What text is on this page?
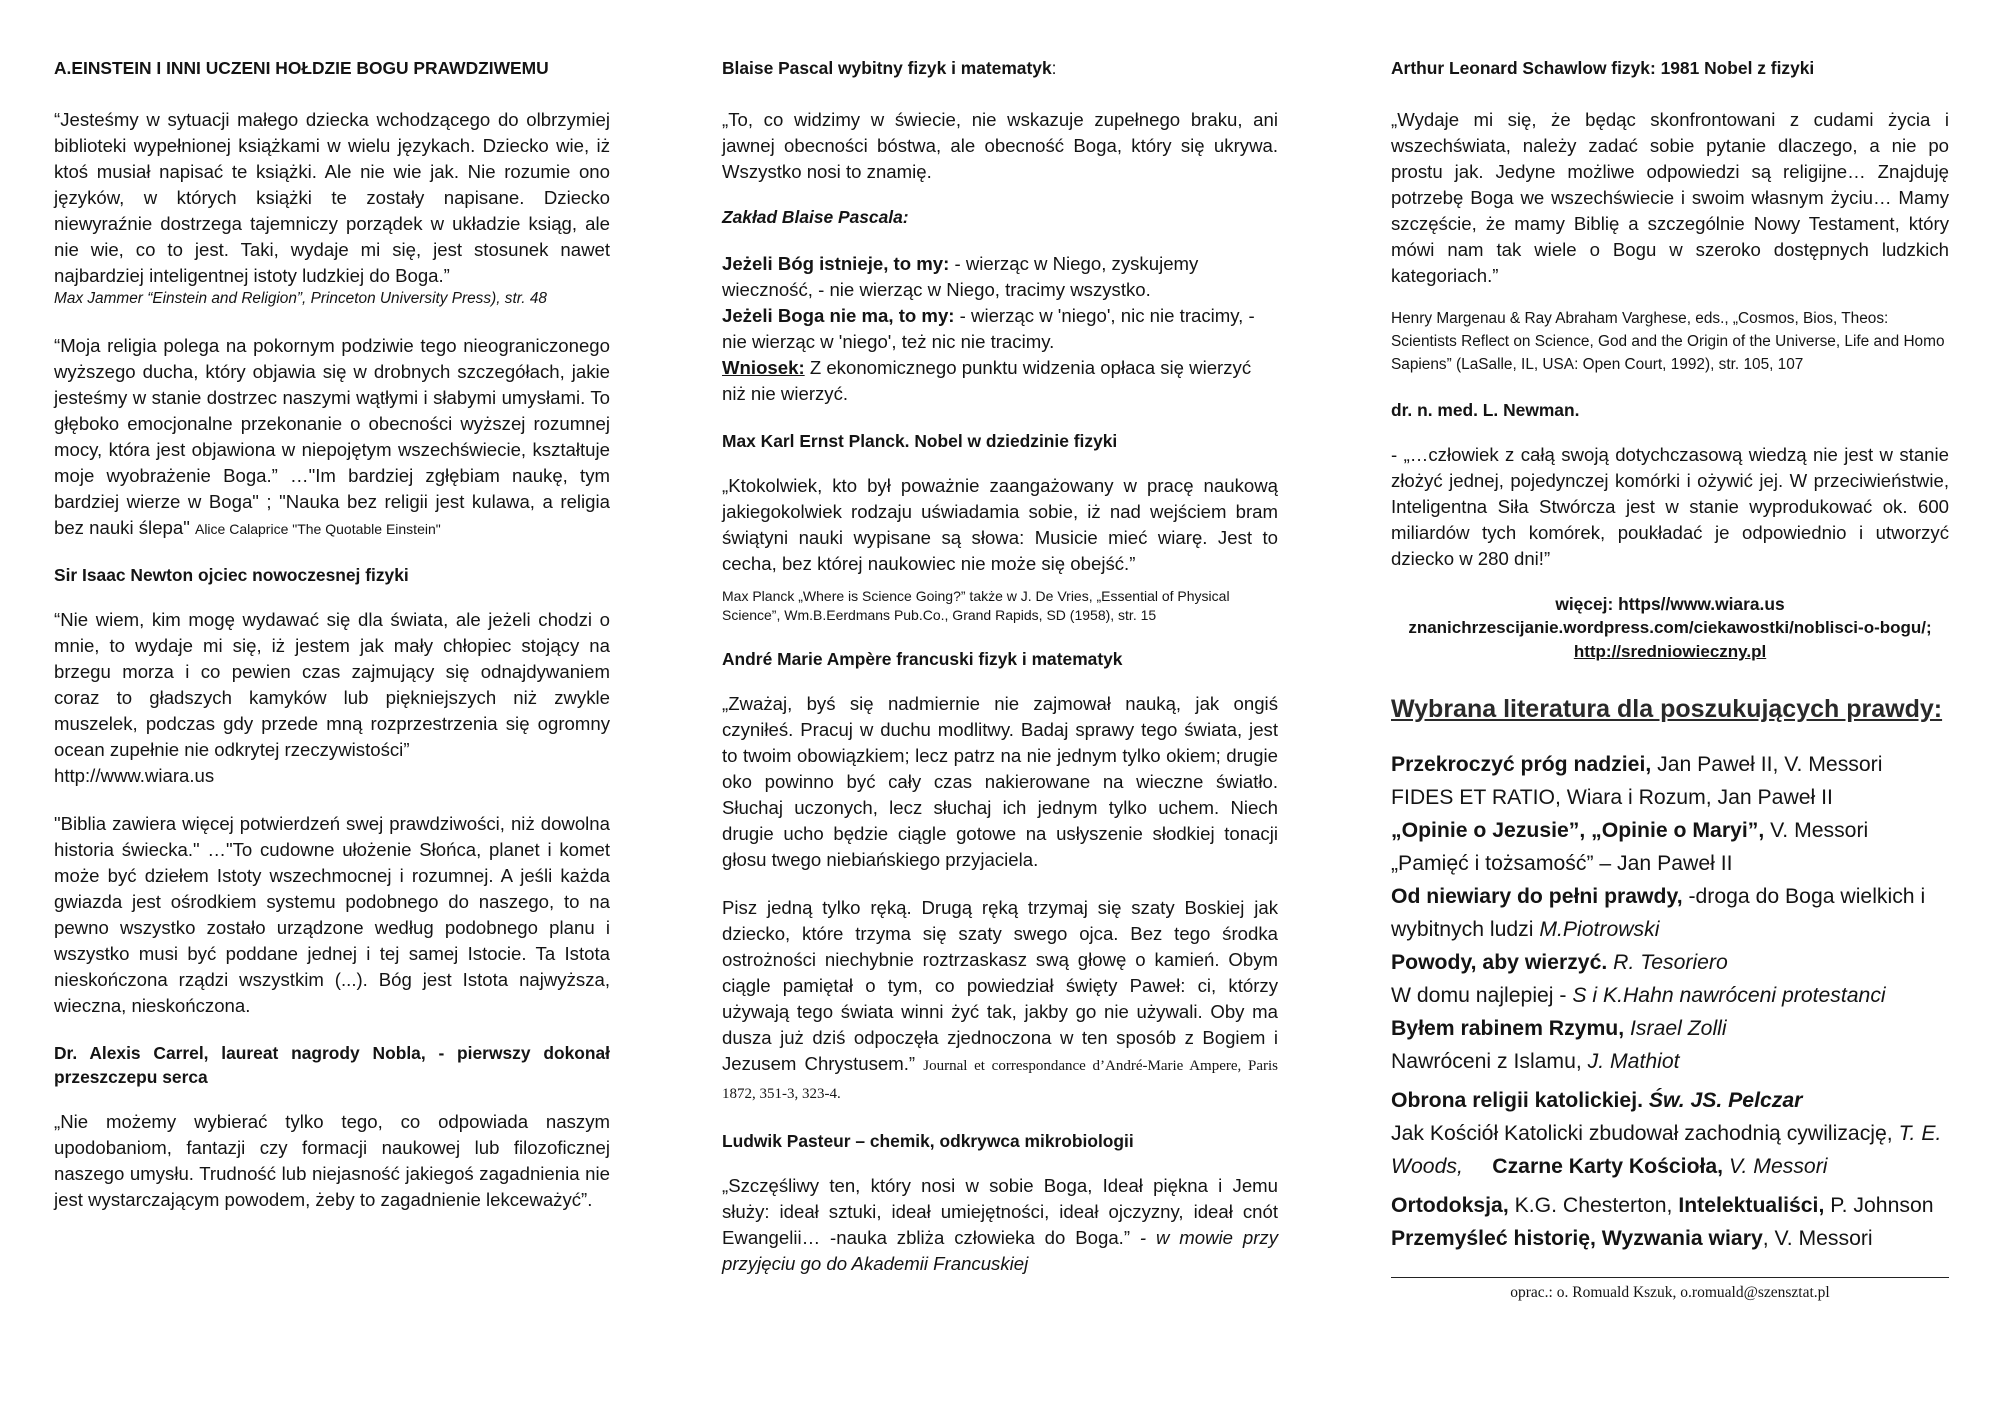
A.EINSTEIN I INNI UCZENI HOŁDZIE BOGU PRAWDZIWEMU

“Jesteśmy w sytuacji małego dziecka wchodzącego do olbrzymiej biblioteki wypełnionej książkami w wielu językach. Dziecko wie, iż ktoś musiał napisać te książki. Ale nie wie jak. Nie rozumie ono języków, w których książki te zostały napisane. Dziecko niewyraźnie dostrzega tajemniczy porządek w układzie ksiąg, ale nie wie, co to jest. Taki, wydaje mi się, jest stosunek nawet najbardziej inteligentnej istoty ludzkiej do Boga.”

Max Jammer “Einstein and Religion”, Princeton University Press), str. 48

“Moja religia polega na pokornym podziwie tego nieograniczonego wyższego ducha, który objawia się w drobnych szczegółach, jakie jesteśmy w stanie dostrzec naszymi wątłymi i słabymi umysłami. To głęboko emocjonalne przekonanie o obecności wyższej rozumnej mocy, która jest objawiona w niepojętym wszechświecie, kształtuje moje wyobrażenie Boga.” …"Im bardziej zgłębiam naukę, tym bardziej wierze w Boga" ; "Nauka bez religii jest kulawa, a religia bez nauki ślepa" Alice Calaprice "The Quotable Einstein"

Sir Isaac Newton ojciec nowoczesnej fizyki

“Nie wiem, kim mogę wydawać się dla świata, ale jeżeli chodzi o mnie, to wydaje mi się, iż jestem jak mały chłopiec stojący na brzegu morza i co pewien czas zajmujący się odnajdywaniem coraz to gładszych kamyków lub piękniejszych niż zwykle muszelek, podczas gdy przede mną rozprzestrzenia się ogromny ocean zupełnie nie odkrytej rzeczywistości”

http://www.wiara.us

"Biblia zawiera więcej potwierdzeń swej prawdziwości, niż dowolna historia świecka." …"To cudowne ułożenie Słońca, planet i komet może być dziełem Istoty wszechmocnej i rozumnej. A jeśli każda gwiazda jest ośrodkiem systemu podobnego do naszego, to na pewno wszystko zostało urządzone według podobnego planu i wszystko musi być poddane jednej i tej samej Istocie. Ta Istota nieskończona rządzi wszystkim (...). Bóg jest Istota najwyższa, wieczna, nieskończona.

Dr. Alexis Carrel, laureat nagrody Nobla, - pierwszy dokonał przeszczepu serca

„Nie możemy wybierać tylko tego, co odpowiada naszym upodobaniom, fantazji czy formacji naukowej lub filozoficznej naszego umysłu. Trudność lub niejasność jakiegoś zagadnienia nie jest wystarczającym powodem, żeby to zagadnienie lekceważyć”.

Blaise Pascal wybitny fizyk i matematyk:

„To, co widzimy w świecie, nie wskazuje zupełnego braku, ani jawnej obecności bóstwa, ale obecność Boga, który się ukrywa. Wszystko nosi to znamię.

Zakład Blaise Pascala:

Jeżeli Bóg istnieje, to my: - wierząc w Niego, zyskujemy wieczność, - nie wierząc w Niego, tracimy wszystko.

Jeżeli Boga nie ma, to my: - wierząc w 'niego', nic nie tracimy, - nie wierząc w 'niego', też nic nie tracimy.

Wniosek: Z ekonomicznego punktu widzenia opłaca się wierzyć niż nie wierzyć.

Max Karl Ernst Planck. Nobel w dziedzinie fizyki

„Ktokolwiek, kto był poważnie zaangażowany w pracę naukową jakiegokolwiek rodzaju uświadamia sobie, iż nad wejściem bram świątyni nauki wypisane są słowa: Musicie mieć wiarę. Jest to cecha, bez której naukowiec nie może się obejść.”

Max Planck „Where is Science Going?” także w J. De Vries, „Essential of Physical Science”, Wm.B.Eerdmans Pub.Co., Grand Rapids, SD (1958), str. 15

André Marie Ampère francuski fizyk i matematyk

„Zważaj, byś się nadmiernie nie zajmował nauką, jak ongiś czyniłeś. Pracuj w duchu modlitwy. Badaj sprawy tego świata, jest to twoim obowiązkiem; lecz patrz na nie jednym tylko okiem; drugie oko powinno być cały czas nakierowane na wieczne światło. Słuchaj uczonych, lecz słuchaj ich jednym tylko uchem. Niech drugie ucho będzie ciągle gotowe na usłyszenie słodkiej tonacji głosu twego niebiańskiego przyjaciela.

Pisz jedną tylko ręką. Drugą ręką trzymaj się szaty Boskiej jak dziecko, które trzyma się szaty swego ojca. Bez tego środka ostrożności niechybnie roztrzaskasz swą głowę o kamień. Obym ciągle pamiętał o tym, co powiedział święty Paweł: ci, którzy używają tego świata winni żyć tak, jakby go nie używali. Oby ma dusza już dziś odpoczęła zjednoczona w ten sposób z Bogiem i Jezusem Chrystusem.” Journal et correspondance d’André-Marie Ampere, Paris 1872, 351-3, 323-4.

Ludwik Pasteur – chemik, odkrywca mikrobiologii

„Szczęśliwy ten, który nosi w sobie Boga, Ideał piękna i Jemu służy: ideał sztuki, ideał umiejętności, ideał ojczyzny, ideał cnót Ewangelii… -nauka zbliża człowieka do Boga.” - w mowie przy przyjęciu go do Akademii Francuskiej

Arthur Leonard Schawlow fizyk: 1981 Nobel z fizyki

„Wydaje mi się, że będąc skonfrontowani z cudami życia i wszechświata, należy zadać sobie pytanie dlaczego, a nie po prostu jak. Jedyne możliwe odpowiedzi są religijne… Znajduję potrzebę Boga we wszechświecie i swoim własnym życiu… Mamy szczęście, że mamy Biblię a szczególnie Nowy Testament, który mówi nam tak wiele o Bogu w szeroko dostępnych ludzkich kategoriach.”

Henry Margenau & Ray Abraham Varghese, eds., „Cosmos, Bios, Theos: Scientists Reflect on Science, God and the Origin of the Universe, Life and Homo Sapiens” (LaSalle, IL, USA: Open Court, 1992), str. 105, 107

dr. n. med. L. Newman.

- „…człowiek z całą swoją dotychczasową wiedzą nie jest w stanie złożyć jednej, pojedynczej komórki i ożywić jej. W przeciwieństwie, Inteligentna Siła Stwórcza jest w stanie wyprodukować ok. 600 miliardów tych komórek, poukładać je odpowiednio i utworzyć dziecko w 280 dni!”

więcej: https//www.wiara.us

znanichrzescijanie.wordpress.com/ciekawostki/noblisci-o-bogu/; http://sredniowieczny.pl

Wybrana literatura dla poszukujących prawdy:

Przekroczyć próg nadziei, Jan Paweł II, V. Messori

FIDES ET RATIO, Wiara i Rozum, Jan Paweł II

„Opinie o Jezusie”, „Opinie o Maryi”, V. Messori

„Pamięć i tożsamość” – Jan Paweł II

Od niewiary do pełni prawdy, -droga do Boga wielkich i wybitnych ludzi M.Piotrowski

Powody, aby wierzyć. R. Tesoriero

W domu najlepiej - S i K.Hahn nawróceni protestanci

Byłem rabinem Rzymu, Israel Zolli

Nawróceni z Islamu, J. Mathiot

Obrona religii katolickiej. Św. JS. Pelczar

Jak Kościół Katolicki zbudował zachodnią cywilizację, T. E. Woods,     Czarne Karty Kościoła, V. Messori

Ortodoksja, K.G. Chesterton, Intelektualiści, P. Johnson

Przemyśleć historię, Wyzwania wiary, V. Messori

oprac.: o. Romuald Kszuk, o.romuald@szensztat.pl
